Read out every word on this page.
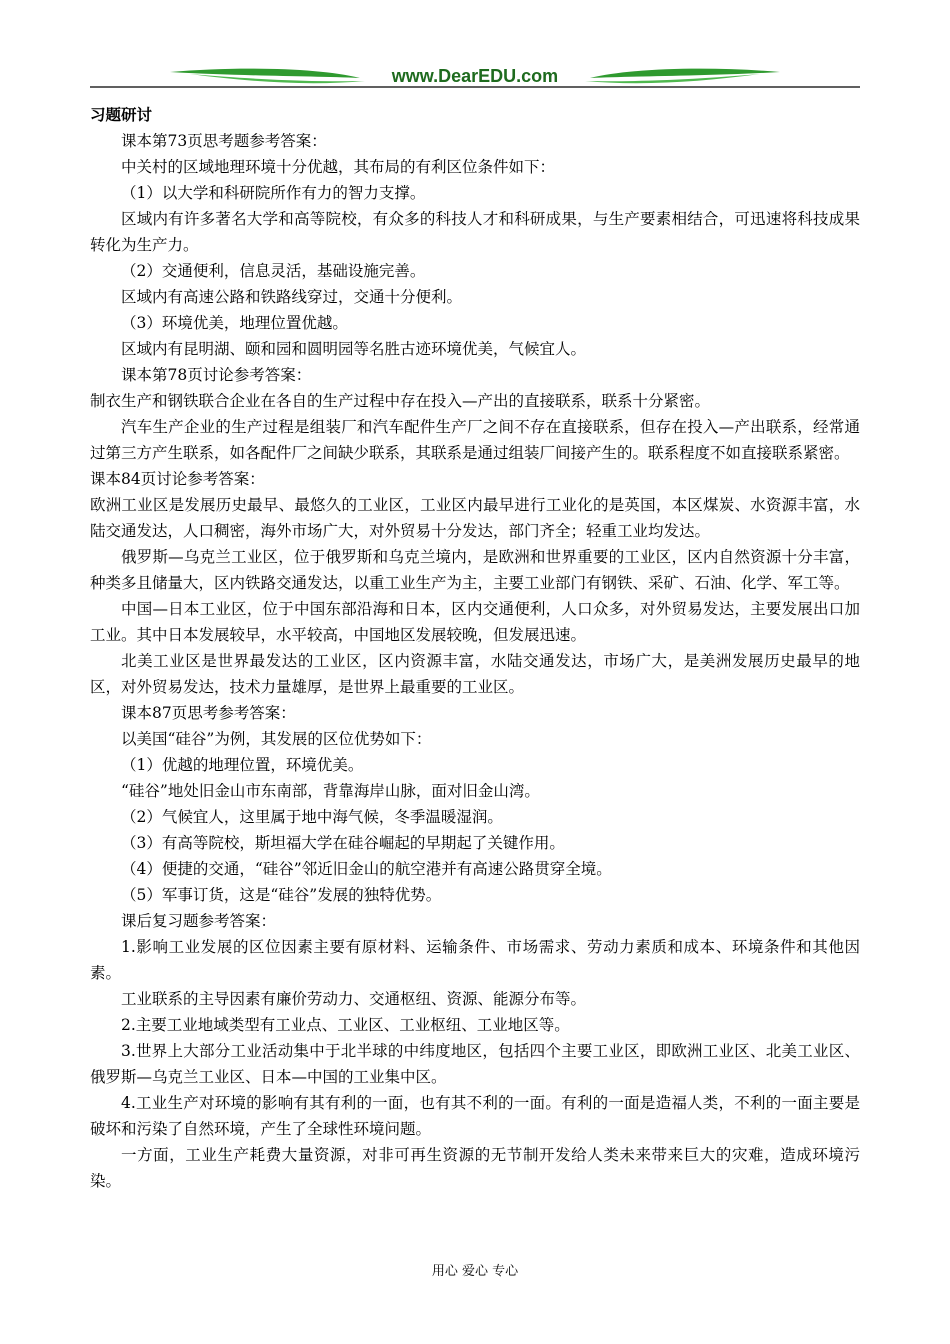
www.DearEDU.com

习题研讨

课本第73页思考题参考答案：

中关村的区域地理环境十分优越，其布局的有利区位条件如下：

（1）以大学和科研院所作有力的智力支撑。

区域内有许多著名大学和高等院校，有众多的科技人才和科研成果，与生产要素相结合，可迅速将科技成果转化为生产力。

（2）交通便利，信息灵活，基础设施完善。

区域内有高速公路和铁路线穿过，交通十分便利。

（3）环境优美，地理位置优越。

区域内有昆明湖、颐和园和圆明园等名胜古迹环境优美，气候宜人。

课本第78页讨论参考答案：

制衣生产和钢铁联合企业在各自的生产过程中存在投入—产出的直接联系，联系十分紧密。

汽车生产企业的生产过程是组装厂和汽车配件生产厂之间不存在直接联系，但存在投入—产出联系，经常通过第三方产生联系，如各配件厂之间缺少联系，其联系是通过组装厂间接产生的。联系程度不如直接联系紧密。

课本84页讨论参考答案：

欧洲工业区是发展历史最早、最悠久的工业区，工业区内最早进行工业化的是英国，本区煤炭、水资源丰富，水陆交通发达，人口稠密，海外市场广大，对外贸易十分发达，部门齐全；轻重工业均发达。

俄罗斯—乌克兰工业区，位于俄罗斯和乌克兰境内，是欧洲和世界重要的工业区，区内自然资源十分丰富，种类多且储量大，区内铁路交通发达，以重工业生产为主，主要工业部门有钢铁、采矿、石油、化学、军工等。

中国—日本工业区，位于中国东部沿海和日本，区内交通便利，人口众多，对外贸易发达，主要发展出口加工业。其中日本发展较早，水平较高，中国地区发展较晚，但发展迅速。

北美工业区是世界最发达的工业区，区内资源丰富，水陆交通发达，市场广大，是美洲发展历史最早的地区，对外贸易发达，技术力量雄厚，是世界上最重要的工业区。

课本87页思考参考答案：

以美国“硅谷”为例，其发展的区位优势如下：

（1）优越的地理位置，环境优美。

“硅谷”地处旧金山市东南部，背靠海岸山脉，面对旧金山湾。

（2）气候宜人，这里属于地中海气候，冬季温暖湿润。

（3）有高等院校，斯坦福大学在硅谷崛起的早期起了关键作用。

（4）便捷的交通，“硅谷”邻近旧金山的航空港并有高速公路贯穿全境。

（5）军事订货，这是“硅谷”发展的独特优势。

课后复习题参考答案：

1.影响工业发展的区位因素主要有原材料、运输条件、市场需求、劳动力素质和成本、环境条件和其他因素。

工业联系的主导因素有廉价劳动力、交通枢纽、资源、能源分布等。

2.主要工业地域类型有工业点、工业区、工业枢纽、工业地区等。

3.世界上大部分工业活动集中于北半球的中纬度地区，包括四个主要工业区，即欧洲工业区、北美工业区、俄罗斯—乌克兰工业区、日本—中国的工业集中区。

4.工业生产对环境的影响有其有利的一面，也有其不利的一面。有利的一面是造福人类，不利的一面主要是破坏和污染了自然环境，产生了全球性环境问题。

一方面，工业生产耗费大量资源，对非可再生资源的无节制开发给人类未来带来巨大的灾难，造成环境污染。

用心 爱心 专心
